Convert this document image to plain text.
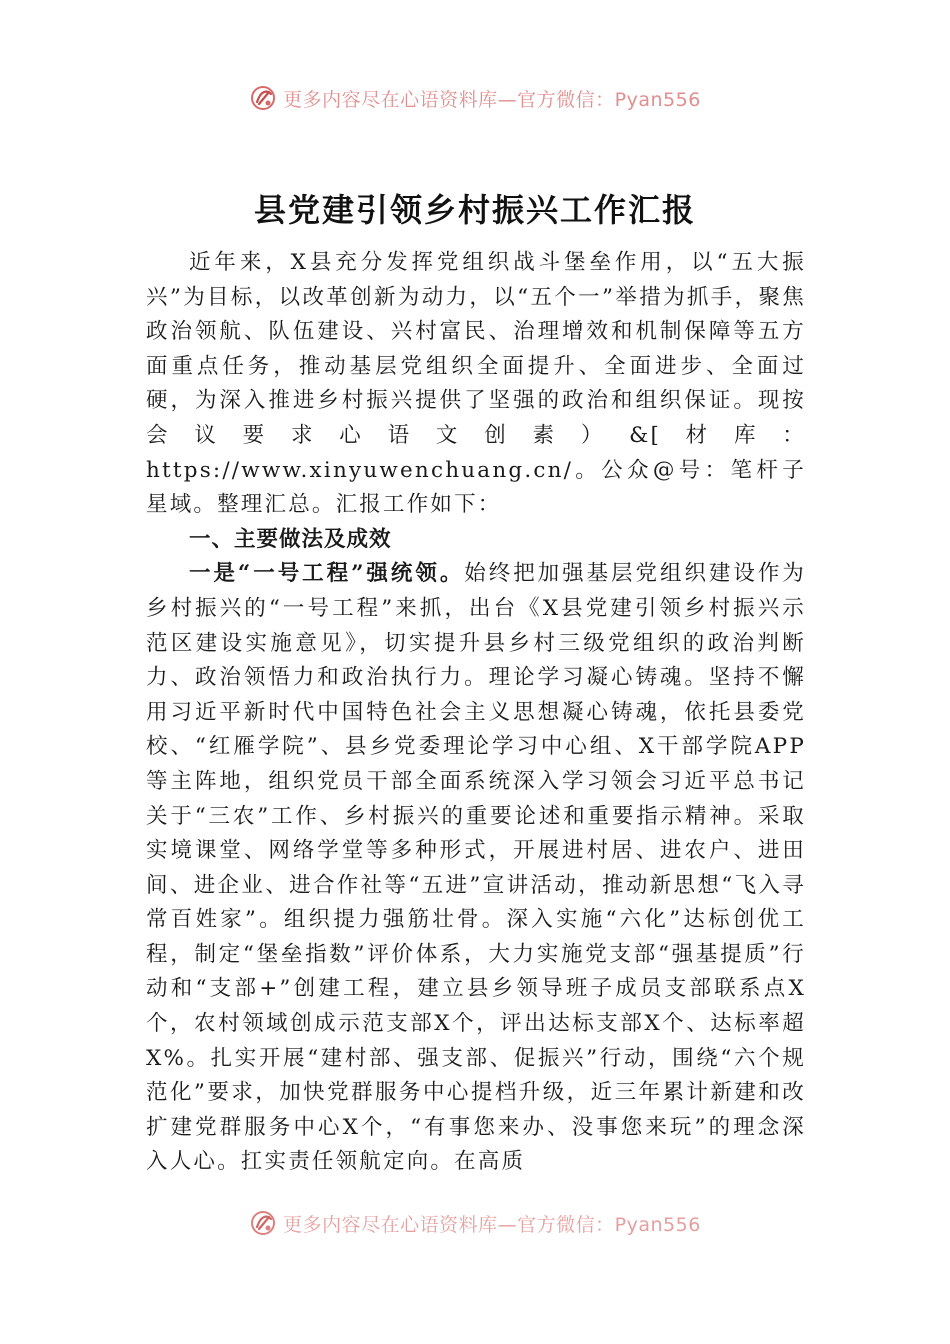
更多内容尽在心语资料库—官方微信：Pyan556
县党建引领乡村振兴工作汇报

近年来，X县充分发挥党组织战斗堡垒作用，以“五大振兴”为目标，以改革创新为动力，以“五个一”举措为抓手，聚焦政治领航、队伍建设、兴村富民、治理增效和机制保障等五方面重点任务，推动基层党组织全面提升、全面进步、全面过硬，为深入推进乡村振兴提供了坚强的政治和组织保证。现按会议要求心语文创素）&[材库：https://www.xinyuwenchuang.cn/。公众@号：笔杆子星域。整理汇总。汇报工作如下：

一、主要做法及成效

一是“一号工程”强统领。始终把加强基层党组织建设作为乡村振兴的“一号工程”来抓，出台《X县党建引领乡村振兴示范区建设实施意见》，切实提升县乡村三级党组织的政治判断力、政治领悟力和政治执行力。理论学习凝心铸魂。坚持不懈用习近平新时代中国特色社会主义思想凝心铸魂，依托县委党校、“红雁学院”、县乡党委理论学习中心组、X干部学院APP等主阵地，组织党员干部全面系统深入学习领会习近平总书记关于“三农”工作、乡村振兴的重要论述和重要指示精神。采取实境课堂、网络学堂等多种形式，开展进村居、进农户、进田间、进企业、进合作社等“五进”宣讲活动，推动新思想“飞入寻常百姓家”。组织提力强筋壮骨。深入实施“六化”达标创优工程，制定“堡垒指数”评价体系，大力实施党支部“强基提质”行动和“支部+”创建工程，建立县乡领导班子成员支部联系点X个，农村领域创成示范支部X个，评出达标支部X个、达标率超X%。扎实开展“建村部、强支部、促振兴”行动，围绕“六个规范化”要求，加快党群服务中心提档升级，近三年累计新建和改扩建党群服务中心X个，“有事您来办、没事您来玩”的理念深入人心。扛实责任领航定向。在高质

更多内容尽在心语资料库—官方微信：Pyan556
